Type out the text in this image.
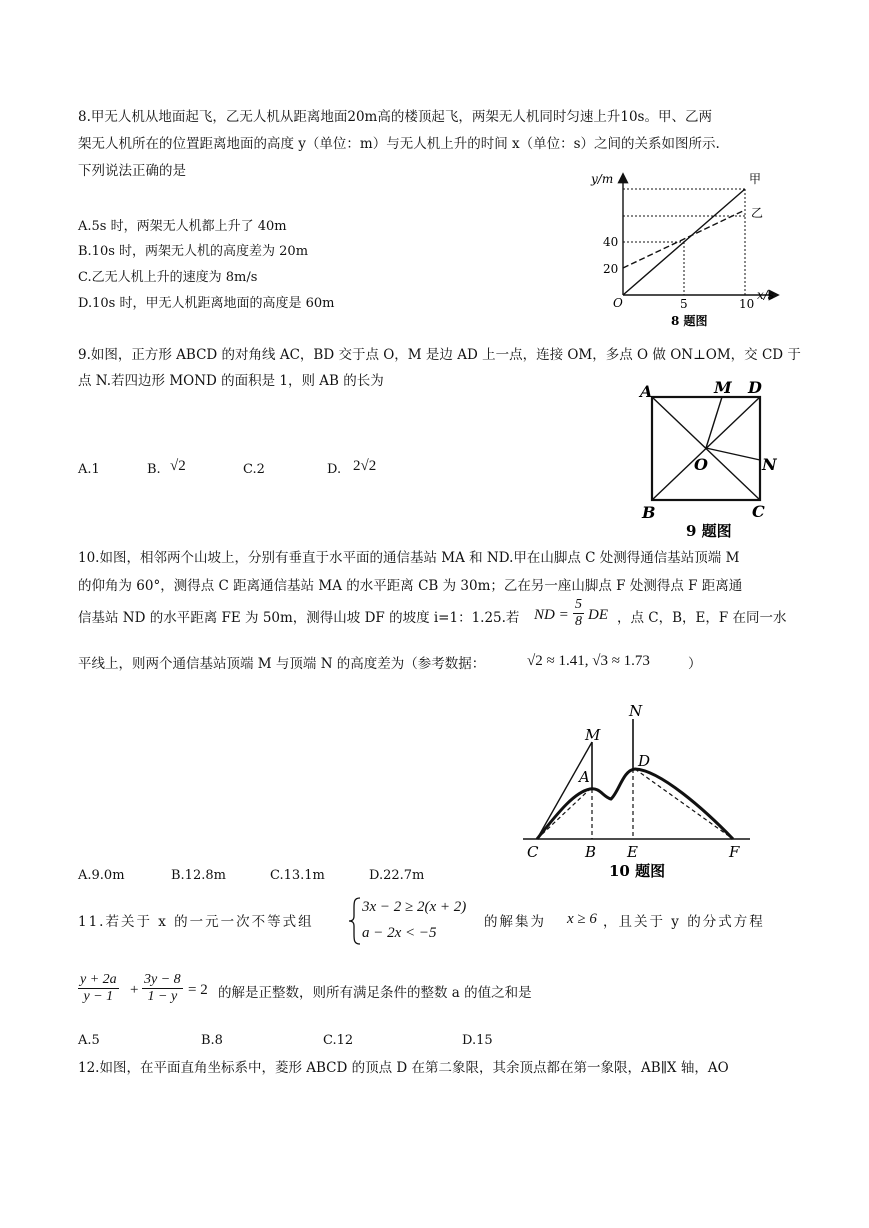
8.甲无人机从地面起飞，乙无人机从距离地面20m高的楼顶起飞，两架无人机同时匀速上升10s。甲、乙两
架无人机所在的位置距离地面的高度 y（单位：m）与无人机上升的时间 x（单位：s）之间的关系如图所示.
下列说法正确的是
A.5s 时，两架无人机都上升了 40m
B.10s 时，两架无人机的高度差为 20m
C.乙无人机上升的速度为 8m/s
D.10s 时，甲无人机距离地面的高度是 60m
y/m
x/s
O
20
40
5	10
甲
乙
8 题图
9.如图，正方形 ABCD 的对角线 AC，BD 交于点 O，M 是边 AD 上一点，连接 OM，多点 O 做 ON⊥OM，交 CD 于
点 N.若四边形 MOND 的面积是 1，则 AB 的长为
A.1	B. √2	C.2	D. 2√2
A	M D
O	N
B	C
9 题图
10.如图，相邻两个山坡上，分别有垂直于水平面的通信基站 MA 和 ND.甲在山脚点 C 处测得通信基站顶端 M
的仰角为 60°，测得点 C 距离通信基站 MA 的水平距离 CB 为 30m；乙在另一座山脚点 F 处测得点 F 距离通
信基站 ND 的水平距离 FE 为 50m，测得山坡 DF 的坡度 i=1：1.25.若 ND = $\frac{5}{8}$ DE ，点 C，B，E，F 在同一水
平线上，则两个通信基站顶端 M 与顶端 N 的高度差为（参考数据：	√2 ≈ 1.41, √3 ≈ 1.73	）
A.9.0m	B.12.8m	C.13.1m	D.22.7m
M
N
A
D
C	B E	F
10 题图
11.若关于 x 的一元一次不等式组
3x − 2 ≥ 2(x + 2)
a − 2x < −5
的解集为 x ≥ 6 ，且关于 y 的分式方程
$\frac{y + 2a}{y - 1} + \frac{3y - 8}{1 - y} = 2$ 的解是正整数，则所有满足条件的整数 a 的值之和是
A.5	B.8	C.12	D.15
12.如图，在平面直角坐标系中，菱形 ABCD 的顶点 D 在第二象限，其余顶点都在第一象限，AB∥X 轴，AO
